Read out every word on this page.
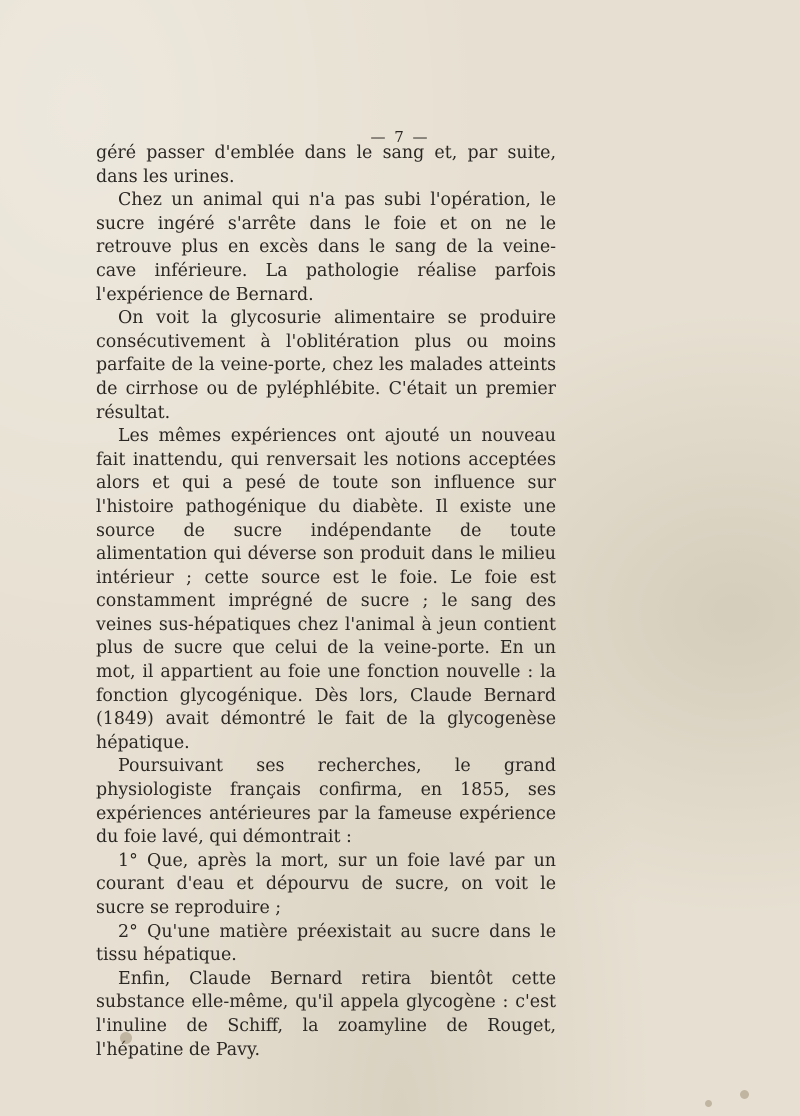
— 7 —

géré passer d'emblée dans le sang et, par suite, dans les urines.

Chez un animal qui n'a pas subi l'opération, le sucre ingéré s'arrête dans le foie et on ne le retrouve plus en excès dans le sang de la veine-cave inférieure. La pathologie réalise parfois l'expérience de Bernard.

On voit la glycosurie alimentaire se produire consécutivement à l'oblitération plus ou moins parfaite de la veine-porte, chez les malades atteints de cirrhose ou de pyléphlébite. C'était un premier résultat.

Les mêmes expériences ont ajouté un nouveau fait inattendu, qui renversait les notions acceptées alors et qui a pesé de toute son influence sur l'histoire pathogénique du diabète. Il existe une source de sucre indépendante de toute alimentation qui déverse son produit dans le milieu intérieur ; cette source est le foie. Le foie est constamment imprégné de sucre ; le sang des veines sus-hépatiques chez l'animal à jeun contient plus de sucre que celui de la veine-porte. En un mot, il appartient au foie une fonction nouvelle : la fonction glycogénique. Dès lors, Claude Bernard (1849) avait démontré le fait de la glycogenèse hépatique.

Poursuivant ses recherches, le grand physiologiste français confirma, en 1855, ses expériences antérieures par la fameuse expérience du foie lavé, qui démontrait :

1° Que, après la mort, sur un foie lavé par un courant d'eau et dépourvu de sucre, on voit le sucre se reproduire ;

2° Qu'une matière préexistait au sucre dans le tissu hépatique.

Enfin, Claude Bernard retira bientôt cette substance elle-même, qu'il appela glycogène : c'est l'inuline de Schiff, la zoamyline de Rouget, l'hépatine de Pavy.
